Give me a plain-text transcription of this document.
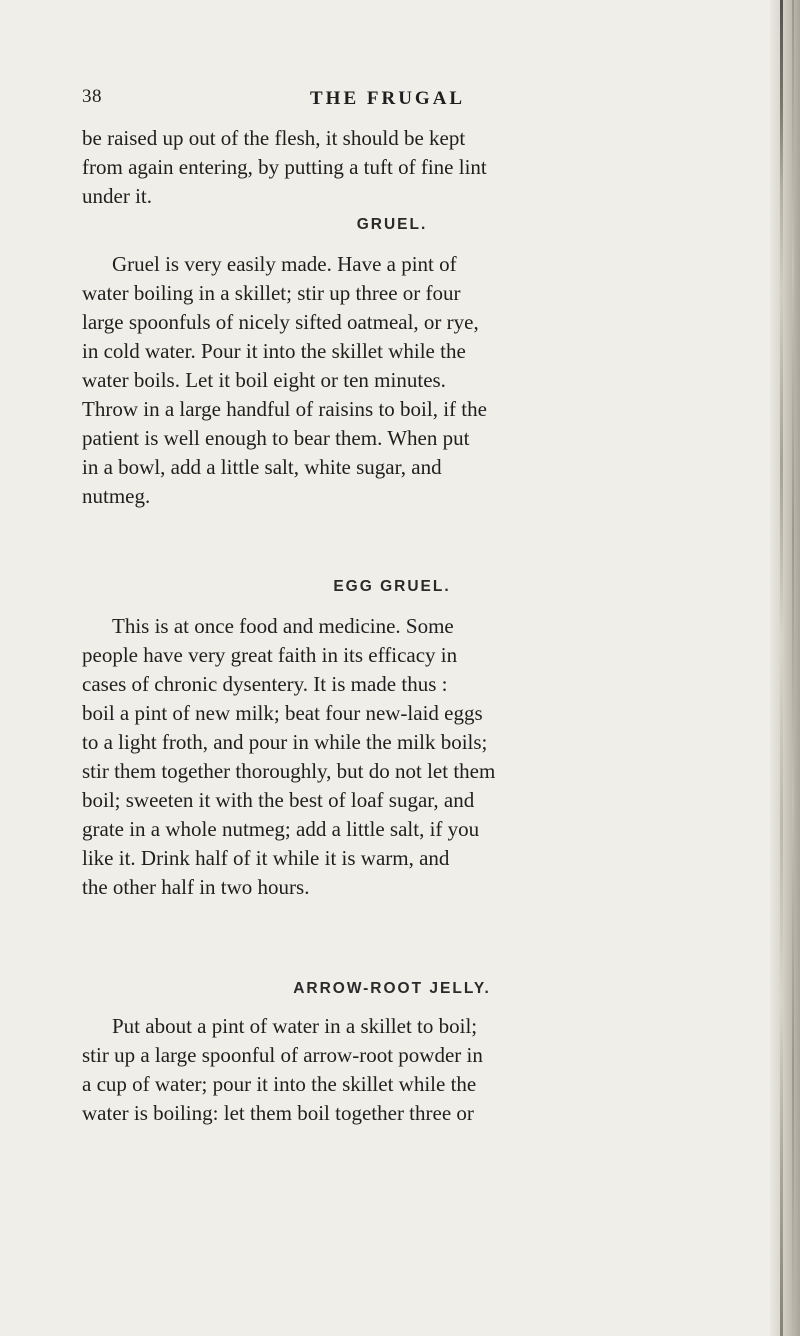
38	THE FRUGAL

be raised up out of the flesh, it should be kept
from again entering, by putting a tuft of fine lint
under it.

GRUEL.

Gruel is very easily made. Have a pint of
water boiling in a skillet; stir up three or four
large spoonfuls of nicely sifted oatmeal, or rye,
in cold water. Pour it into the skillet while the
water boils. Let it boil eight or ten minutes.
Throw in a large handful of raisins to boil, if the
patient is well enough to bear them. When put
in a bowl, add a little salt, white sugar, and
nutmeg.

EGG GRUEL.

This is at once food and medicine. Some
people have very great faith in its efficacy in
cases of chronic dysentery. It is made thus :
boil a pint of new milk; beat four new-laid eggs
to a light froth, and pour in while the milk boils;
stir them together thoroughly, but do not let them
boil; sweeten it with the best of loaf sugar, and
grate in a whole nutmeg; add a little salt, if you
like it. Drink half of it while it is warm, and
the other half in two hours.

ARROW-ROOT JELLY.

Put about a pint of water in a skillet to boil;
stir up a large spoonful of arrow-root powder in
a cup of water; pour it into the skillet while the
water is boiling: let them boil together three or
